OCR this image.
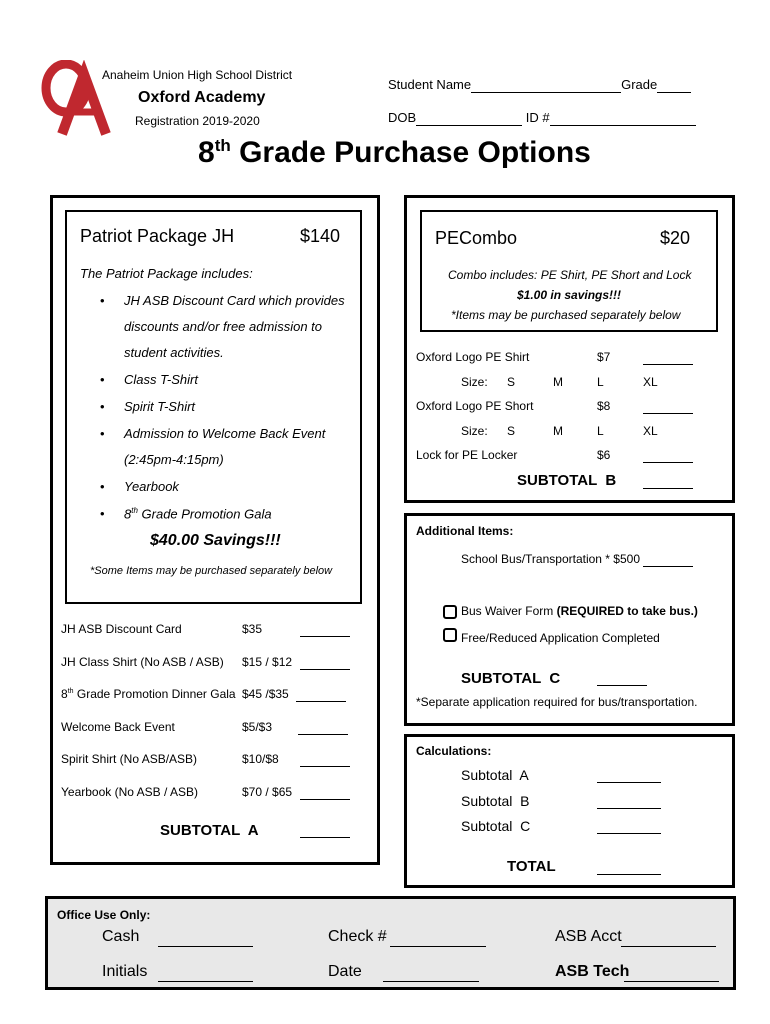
Anaheim Union High School District
Oxford Academy
Registration 2019-2020
Student Name	Grade
DOB	ID #
8th Grade Purchase Options
Patriot Package JH	$140
The Patriot Package includes:
• JH ASB Discount Card which provides
discounts and/or free admission to
student activities.
• Class T-Shirt
• Spirit T-Shirt
• Admission to Welcome Back Event
(2:45pm-4:15pm)
• Yearbook
• 8th Grade Promotion Gala
$40.00 Savings!!!
*Some Items may be purchased separately below
JH ASB Discount Card	$35
JH Class Shirt (No ASB / ASB) $15 / $12
8th Grade Promotion Dinner Gala $45 /$35
Welcome Back Event	$5/$3
Spirit Shirt (No ASB/ASB)	$10/$8
Yearbook (No ASB / ASB)	$70 / $65
SUBTOTAL  A
PECombo	$20
Combo includes: PE Shirt, PE Short and Lock
$1.00 in savings!!!
*Items may be purchased separately below
Oxford Logo PE Shirt	$7
Size: S	M	L	XL
Oxford Logo PE Short	$8
Size: S	M	L	XL
Lock for PE Locker	$6
SUBTOTAL  B
Additional Items:
School Bus/Transportation * $500
Bus Waiver Form (REQUIRED to take bus.)
Free/Reduced Application Completed
SUBTOTAL  C
*Separate application required for bus/transportation.
Calculations:
Subtotal  A
Subtotal  B
Subtotal  C
TOTAL
Office Use Only:
Cash	Check #	ASB Acct
Initials	Date	ASB Tech
